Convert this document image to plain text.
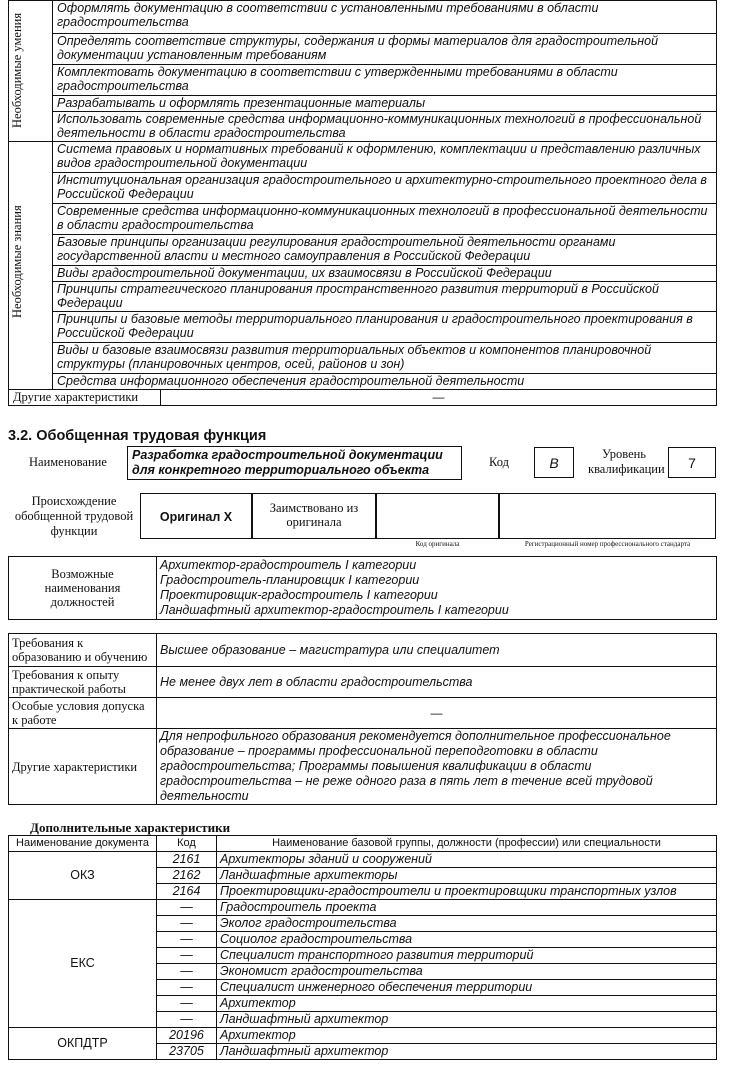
Необходимые умения	Оформлять документацию в соответствии с установленными требованиями в области градостроительства	
	Определять соответствие структуры, содержания и формы материалов для градостроительной документации установленным требованиям	
	Комплектовать документацию в соответствии с утвержденными требованиями в области градостроительства	
	Разрабатывать и оформлять презентационные материалы	
	Использовать современные средства информационно-коммуникационных технологий в профессиональной деятельности в области градостроительства	

Необходимые знания	Система правовых и нормативных требований к оформлению, комплектации и представлению различных видов градостроительной документации	
	Институциональная организация градостроительного и архитектурно-строительного проектного дела в Российской Федерации	
	Современные средства информационно-коммуникационных технологий в профессиональной деятельности в области градостроительства	
	Базовые принципы организации регулирования градостроительной деятельности органами государственной власти и местного самоуправления в Российской Федерации	
	Виды градостроительной документации, их взаимосвязи в Российской Федерации	
	Принципы стратегического планирования пространственного развития территорий в Российской Федерации	
	Принципы и базовые методы территориального планирования и градостроительного проектирования в Российской Федерации	
	Виды и базовые взаимосвязи развития территориальных объектов и компонентов планировочной структуры (планировочных центров, осей, районов и зон)	
	Средства информационного обеспечения градостроительной деятельности	
Другие характеристики		—
3.2. Обобщенная трудовая функция
Наименование	Разработка градостроительной документации для конкретного территориального объекта
Код	B
Уровень квалификации	7
Происхождение обобщенной трудовой функции
Оригинал X
Заимствовано из оригинала
Код оригинала	Регистрационный номер профессионального стандарта
Возможные наименования должностей	
Архитектор-градостроитель I категории
Градостроитель-планировщик I категории
Проектировщик-градостроитель I категории
Ландшафтный архитектор-градостроитель I категории
Требования к образованию и обучению	Высшее образование – магистратура или специалитет
Требования к опыту практической работы	Не менее двух лет в области градостроительства
Особые условия допуска к работе	—
Другие характеристики	Для непрофильного образования рекомендуется дополнительное профессиональное образование – программы профессиональной переподготовки в области градостроительства; Программы повышения квалификации в области градостроительства – не реже одного раза в пять лет в течение всей трудовой деятельности
Дополнительные характеристики
Наименование документа	Код	Наименование базовой группы, должности (профессии) или специальности
ОКЗ	2161	Архитекторы зданий и сооружений
	2162	Ландшафтные архитекторы
	2164	Проектировщики-градостроители и проектировщики транспортных узлов
ЕКС	—	Градостроитель проекта
	—	Эколог градостроительства
	—	Социолог градостроительства
	—	Специалист транспортного развития территорий
	—	Экономист градостроительства
	—	Специалист инженерного обеспечения территории
	—	Архитектор
	—	Ландшафтный архитектор
ОКПДТР	20196	Архитектор
	23705	Ландшафтный архитектор
